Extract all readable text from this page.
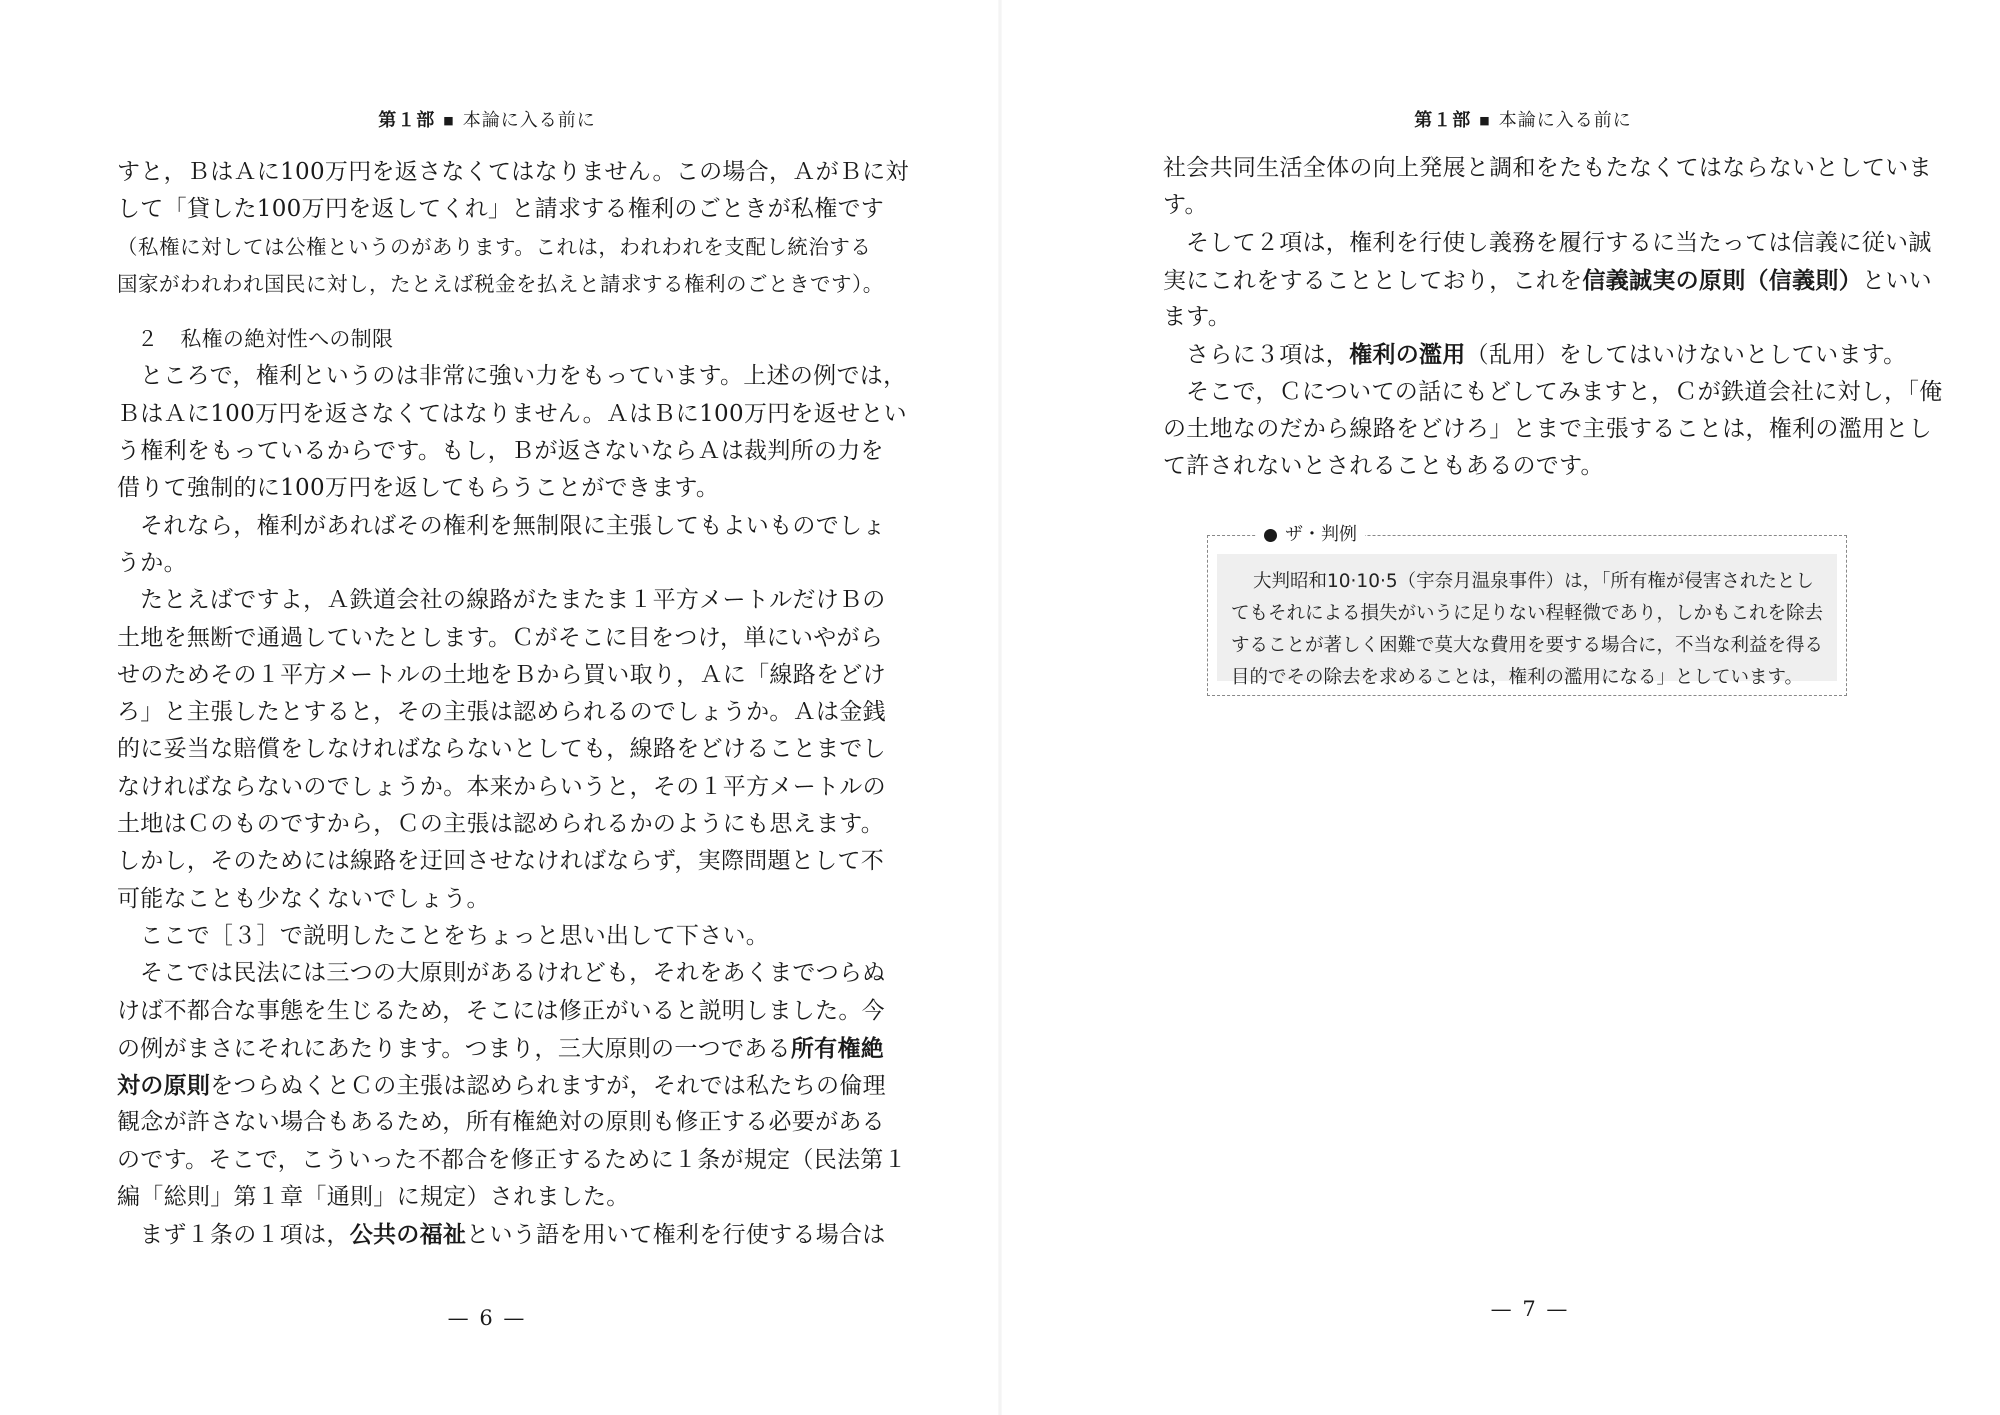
第１部 ■ 本論に入る前に
すと，ＢはＡに100万円を返さなくてはなりません。この場合，ＡがＢに対
して「貸した100万円を返してくれ」と請求する権利のごときが私権です
（私権に対しては公権というのがあります。これは，われわれを支配し統治する
国家がわれわれ国民に対し，たとえば税金を払えと請求する権利のごときです）。
２ 私権の絶対性への制限
ところで，権利というのは非常に強い力をもっています。上述の例では，
ＢはＡに100万円を返さなくてはなりません。ＡはＢに100万円を返せとい
う権利をもっているからです。もし，Ｂが返さないならＡは裁判所の力を
借りて強制的に100万円を返してもらうことができます。
それなら，権利があればその権利を無制限に主張してもよいものでしょ
うか。
たとえばですよ，Ａ鉄道会社の線路がたまたま１平方メートルだけＢの
土地を無断で通過していたとします。Ｃがそこに目をつけ，単にいやがら
せのためその１平方メートルの土地をＢから買い取り，Ａに「線路をどけ
ろ」と主張したとすると，その主張は認められるのでしょうか。Ａは金銭
的に妥当な賠償をしなければならないとしても，線路をどけることまでし
なければならないのでしょうか。本来からいうと，その１平方メートルの
土地はＣのものですから，Ｃの主張は認められるかのようにも思えます。
しかし，そのためには線路を迂回させなければならず，実際問題として不
可能なことも少なくないでしょう。
ここで［３］で説明したことをちょっと思い出して下さい。
そこでは民法には三つの大原則があるけれども，それをあくまでつらぬ
けば不都合な事態を生じるため，そこには修正がいると説明しました。今
の例がまさにそれにあたります。つまり，三大原則の一つである所有権絶
対の原則をつらぬくとＣの主張は認められますが，それでは私たちの倫理
観念が許さない場合もあるため，所有権絶対の原則も修正する必要がある
のです。そこで，こういった不都合を修正するために１条が規定（民法第１
編「総則」第１章「通則」に規定）されました。
まず１条の１項は，公共の福祉という語を用いて権利を行使する場合は
— 6 —
第１部 ■ 本論に入る前に
社会共同生活全体の向上発展と調和をたもたなくてはならないとしていま
す。
そして２項は，権利を行使し義務を履行するに当たっては信義に従い誠
実にこれをすることとしており，これを信義誠実の原則（信義則）といい
ます。
さらに３項は，権利の濫用（乱用）をしてはいけないとしています。
そこで，Ｃについての話にもどしてみますと，Ｃが鉄道会社に対し，「俺
の土地なのだから線路をどけろ」とまで主張することは，権利の濫用とし
て許されないとされることもあるのです。
ザ・判例
大判昭和10·10·5（宇奈月温泉事件）は，「所有権が侵害されたとし
てもそれによる損失がいうに足りない程軽微であり，しかもこれを除去
することが著しく困難で莫大な費用を要する場合に，不当な利益を得る
目的でその除去を求めることは，権利の濫用になる」としています。
— 7 —
